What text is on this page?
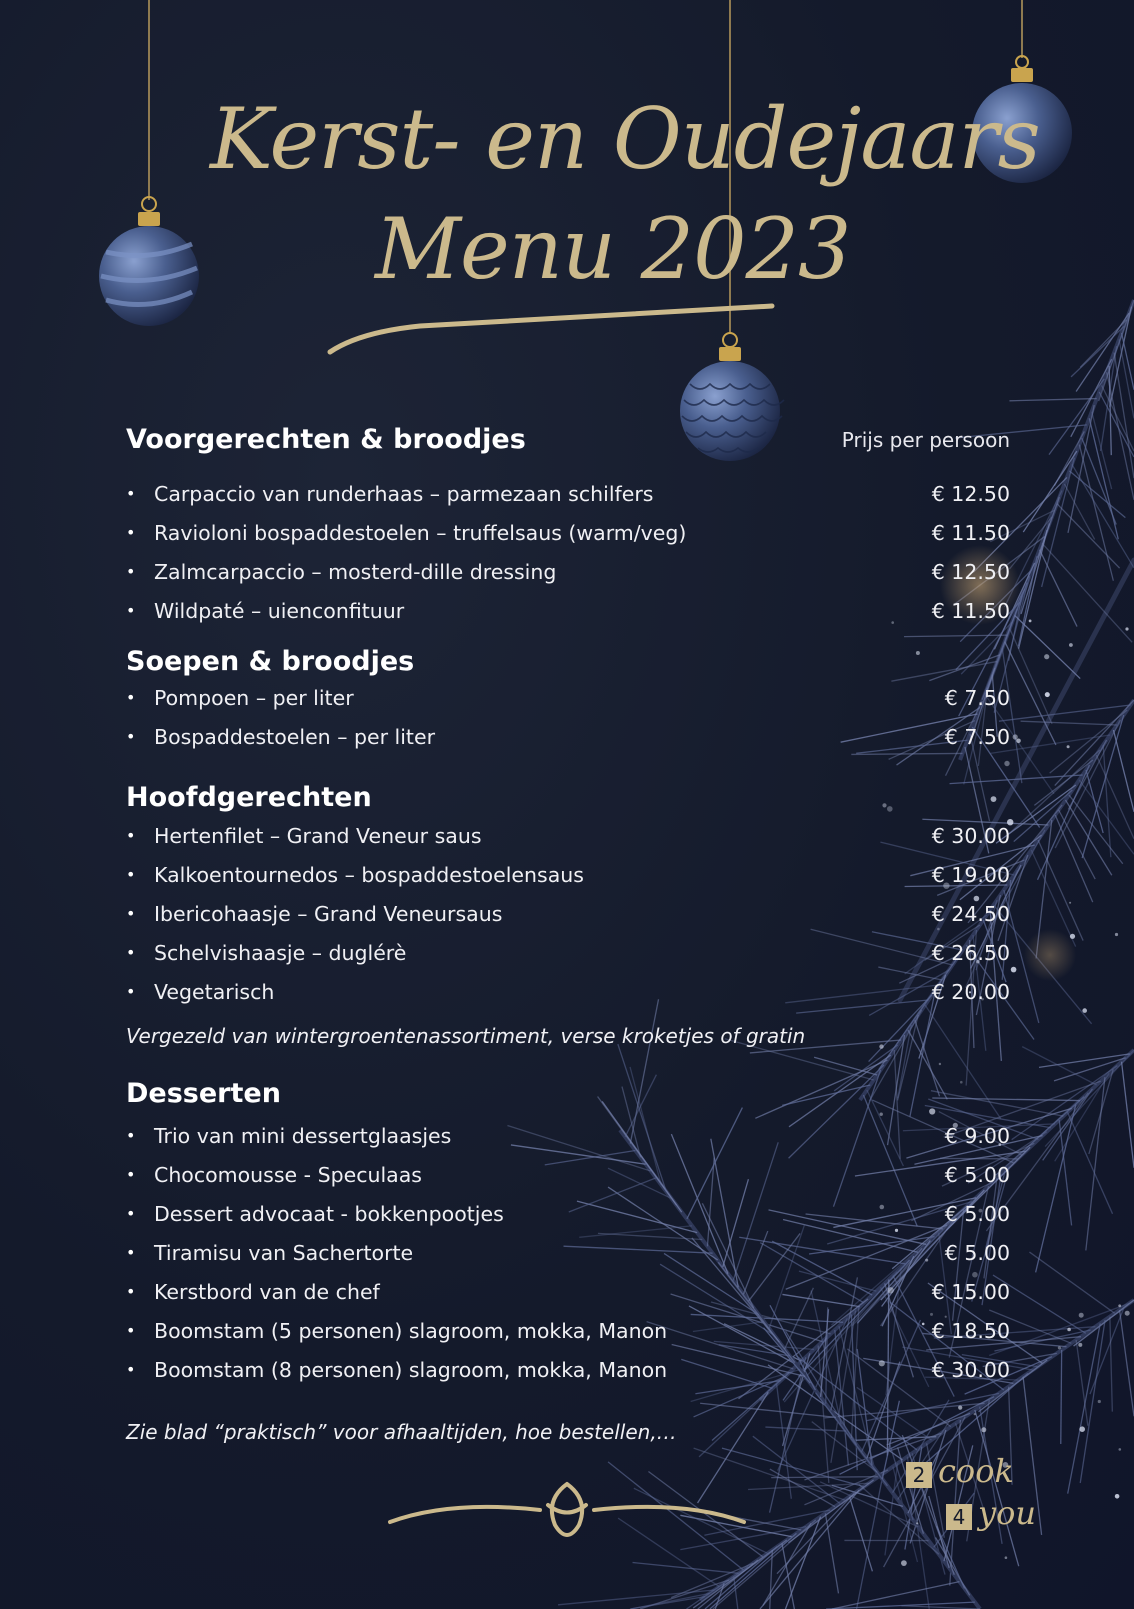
Kerst- en Oudejaars
Menu 2023
Voorgerechten & broodjes	Prijs per persoon
• Carpaccio van runderhaas – parmezaan schilfers	€ 12.50
• Ravioloni bospaddestoelen – truffelsaus (warm/veg)	€ 11.50
• Zalmcarpaccio – mosterd-dille dressing	€ 12.50
• Wildpaté – uienconfituur	€ 11.50
Soepen & broodjes
• Pompoen – per liter	€ 7.50
• Bospaddestoelen – per liter	€ 7.50
Hoofdgerechten
• Hertenfilet – Grand Veneur saus	€ 30.00
• Kalkoentournedos – bospaddestoelensaus	€ 19.00
• Ibericohaasje – Grand Veneursaus	€ 24.50
• Schelvishaasje – duglérè	€ 26.50
• Vegetarisch	€ 20.00
Vergezeld van wintergroentenassortiment, verse kroketjes of gratin
Desserten
• Trio van mini dessertglaasjes	€ 9.00
• Chocomousse - Speculaas	€ 5.00
• Dessert advocaat - bokkenpootjes	€ 5.00
• Tiramisu van Sachertorte	€ 5.00
• Kerstbord van de chef	€ 15.00
• Boomstam (5 personen) slagroom, mokka, Manon	€ 18.50
• Boomstam (8 personen) slagroom, mokka, Manon	€ 30.00
Zie blad “praktisch” voor afhaaltijden, hoe bestellen,…
2 cook
4 you
